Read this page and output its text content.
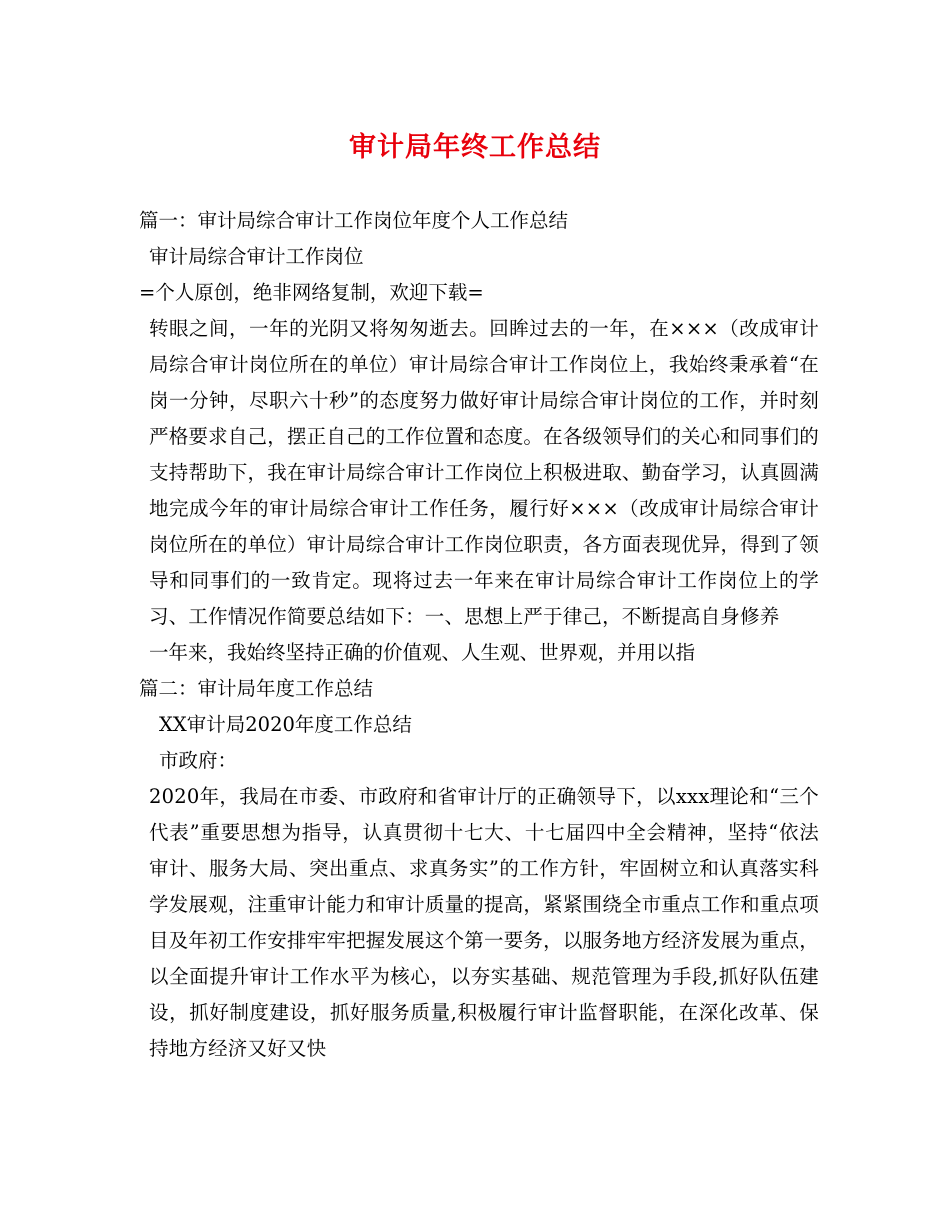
审计局年终工作总结
篇一：审计局综合审计工作岗位年度个人工作总结
审计局综合审计工作岗位
=个人原创，绝非网络复制，欢迎下载=

转眼之间，一年的光阴又将匆匆逝去。回眸过去的一年，在×××（改成审计局综合审计岗位所在的单位）审计局综合审计工作岗位上，我始终秉承着“在岗一分钟，尽职六十秒”的态度努力做好审计局综合审计岗位的工作，并时刻严格要求自己，摆正自己的工作位置和态度。在各级领导们的关心和同事们的支持帮助下，我在审计局综合审计工作岗位上积极进取、勤奋学习，认真圆满地完成今年的审计局综合审计工作任务，履行好×××（改成审计局综合审计岗位所在的单位）审计局综合审计工作岗位职责，各方面表现优异，得到了领导和同事们的一致肯定。现将过去一年来在审计局综合审计工作岗位上的学习、工作情况作简要总结如下：一、思想上严于律己，不断提高自身修养

一年来，我始终坚持正确的价值观、人生观、世界观，并用以指
篇二：审计局年度工作总结
XX审计局2020年度工作总结
市政府：

2020年，我局在市委、市政府和省审计厅的正确领导下，以xxx理论和“三个代表”重要思想为指导，认真贯彻十七大、十七届四中全会精神，坚持“依法审计、服务大局、突出重点、求真务实”的工作方针，牢固树立和认真落实科学发展观，注重审计能力和审计质量的提高，紧紧围绕全市重点工作和重点项目及年初工作安排牢牢把握发展这个第一要务，以服务地方经济发展为重点，以全面提升审计工作水平为核心，以夯实基础、规范管理为手段,抓好队伍建设，抓好制度建设，抓好服务质量,积极履行审计监督职能，在深化改革、保持地方经济又好又快
